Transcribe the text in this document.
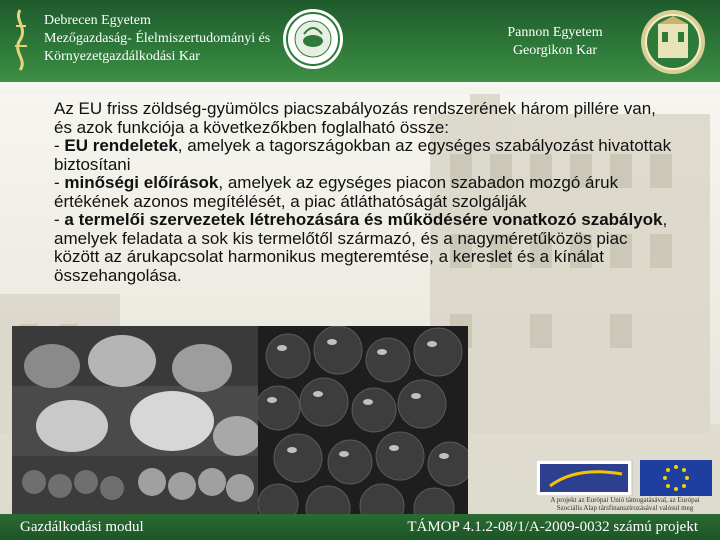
Debrecen Egyetem
Mezőgazdaság- Élelmiszertudományi és
Környezetgazdálkodási Kar
Pannon Egyetem
Georgikon Kar

Az EU friss zöldség-gyümölcs piacszabályozás rendszerének három pillére van, és azok funkciója a következőkben foglalható össze:

- EU rendeletek, amelyek a tagországokban az egységes szabályozást hivatottak biztosítani

- minőségi előírások, amelyek az egységes piacon szabadon mozgó áruk értékének azonos megítélését, a piac átláthatóságát szolgálják

- a termelői szervezetek létrehozására és működésére vonatkozó szabályok, amelyek feladata a sok kis termelőtől származó, és a nagyméretűközös piac között az árukapcsolat harmonikus megteremtése, a kereslet és a kínálat összehangolása.

A projekt az Európai Unió támogatásával, az Európai
Szociális Alap társfinanszírozásával valósul meg
Gazdálkodási modul	TÁMOP 4.1.2-08/1/A-2009-0032 számú projekt
